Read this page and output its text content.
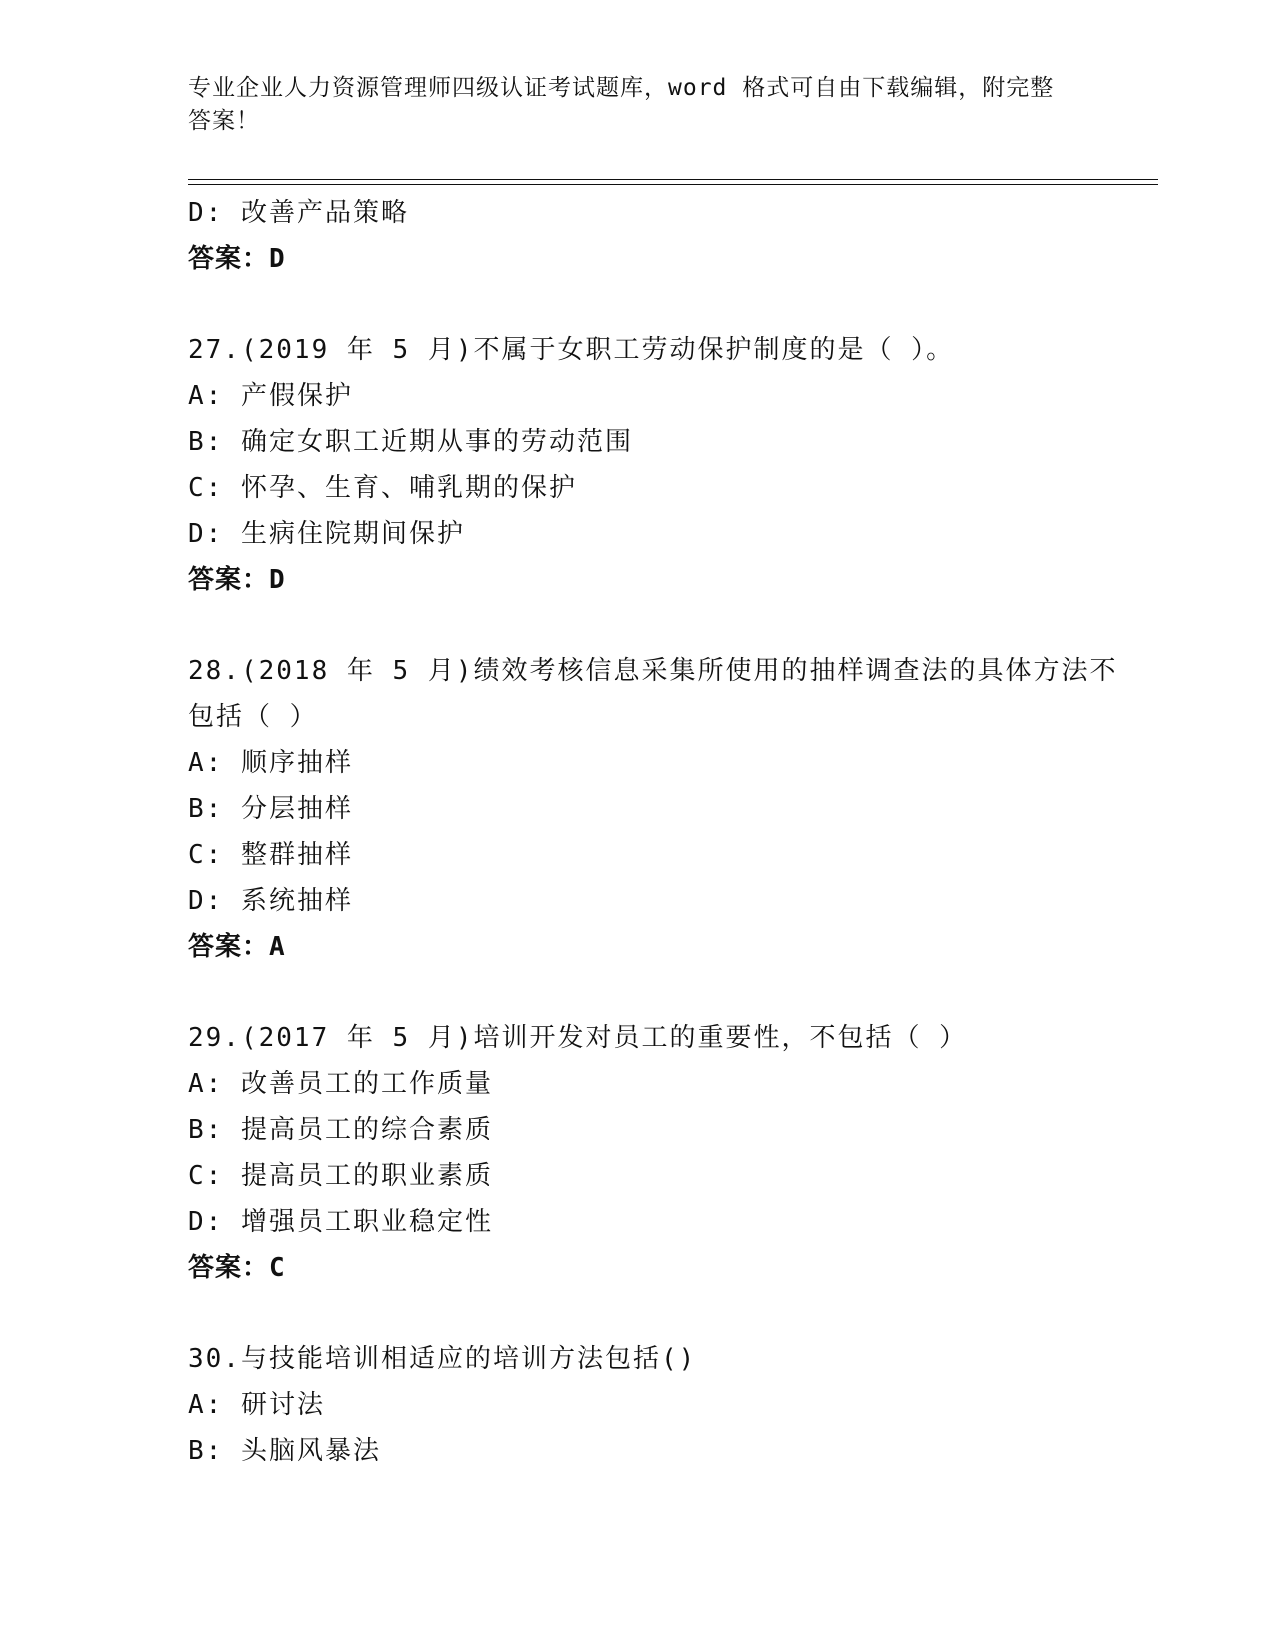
专业企业人力资源管理师四级认证考试题库，word 格式可自由下载编辑，附完整
答案！
D: 改善产品策略
答案：D
27.(2019 年 5 月)不属于女职工劳动保护制度的是（ ）。
A: 产假保护
B: 确定女职工近期从事的劳动范围
C: 怀孕、生育、哺乳期的保护
D: 生病住院期间保护
答案：D
28.(2018 年 5 月)绩效考核信息采集所使用的抽样调查法的具体方法不
包括（ ）
A: 顺序抽样
B: 分层抽样
C: 整群抽样
D: 系统抽样
答案：A
29.(2017 年 5 月)培训开发对员工的重要性，不包括（ ）
A: 改善员工的工作质量
B: 提高员工的综合素质
C: 提高员工的职业素质
D: 增强员工职业稳定性
答案：C
30.与技能培训相适应的培训方法包括()
A: 研讨法
B: 头脑风暴法
